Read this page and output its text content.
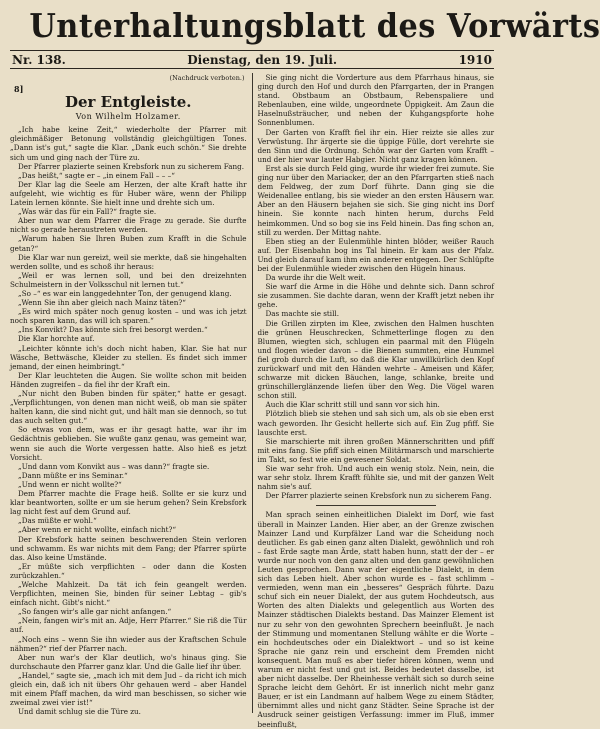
Unterhaltungsblatt des Vorwärts
Nr. 138.	Dienstag, den 19. Juli.	1910
(Nachdruck verboten.)
8]
Der Entgleiste.
Von Wilhelm Holzamer.

„Ich habe keine Zeit,“ wiederholte der Pfarrer mit gleichmäßiger Betonung vollständig gleichgültigen Tones. „Dann ist's gut,“ sagte die Klar. „Dank euch schön.“ Sie drehte sich um und ging nach der Türe zu.

Der Pfarrer plazierte seinen Krebsfork nun zu sicherem Fang.

„Das heißt,“ sagte er – „in einem Fall – – –“

Der Klar lag die Seele am Herzen, der alte Kraft hatte ihr aufgeleht, wie wichtig es für Huber wäre, wenn der Philipp Latein lernen könnte. Sie hielt inne und drehte sich um.

„Was wär das für ein Fall?“ fragte sie.

Aber nun war dem Pfarrer die Frage zu gerade. Sie durfte nicht so gerade heraustreten werden.

„Warum haben Sie Ihren Buben zum Krafft in die Schule getan?“

Die Klar war nun gereizt, weil sie merkte, daß sie hingehalten werden sollte, und es schoß ihr heraus:

„Weil er was lernen soll, und bei den dreizehnten Schulmeistern in der Volksschul nit lernen tut.“

„So –“ es war ein langgedehnter Ton, der genugend klang.

„Wenn Sie ihn aber gleich nach Mainz täten?“

„Es wird mich später noch genug kosten – und was ich jetzt noch sparen kann, das will ich sparen.“

„Ins Konvikt? Das könnte sich frei besorgt werden.“

Die Klar horchte auf.

„Leichter könnte ich's doch nicht haben, Klar. Sie hat nur Wäsche, Bettwäsche, Kleider zu stellen. Es findet sich immer jemand, der einen heimbringt.“

Der Klar leuchteten die Augen. Sie wollte schon mit beiden Händen zugreifen – da fiel ihr der Kraft ein.

„Nur nicht den Buben binden für später,“ hatte er gesagt. „Verpflichtungen, von denen man nicht weiß, ob man sie später halten kann, die sind nicht gut, und hält man sie dennoch, so tut das auch selten gut.“

So etwas von dem, was er ihr gesagt hatte, war ihr im Gedächtnis geblieben. Sie wußte ganz genau, was gemeint war, wenn sie auch die Worte vergessen hatte. Also hieß es jetzt Vorsicht.

„Und dann vom Konvikt aus – was dann?“ fragte sie.

„Dann müßte er ins Seminar.“

„Und wenn er nicht wollte?“

Dem Pfarrer machte die Frage heiß. Sollte er sie kurz und klar beantworten, sollte er um sie herum gehen? Sein Krebsfork lag nicht fest auf dem Grund auf.

„Das müßte er wohl.“

„Aber wenn er nicht wollte, einfach nicht?“

Der Krebsfork hatte seinen beschwerenden Stein verloren und schwamm. Es war nichts mit dem Fang; der Pfarrer spürte das. Also keine Umstände.

„Er müßte sich verpflichten – oder dann die Kosten zurückzahlen.“

„Welche Mahlzeit. Da tät ich fein geangelt werden. Verpflichten, meinen Sie, binden für seiner Lebtag – gib's einfach nicht. Gibt's nicht.“

„So fangen wir's alle gar nicht anfangen.“

„Nein, fangen wir's mit an. Adje, Herr Pfarrer.“ Sie riß die Tür auf.

„Noch eins – wenn Sie ihn wieder aus der Kraftschen Schule nähmen?“ rief der Pfarrer nach.

Aber nun war's der Klar deutlich, wo's hinaus ging. Sie durchschaute den Pfarrer ganz klar. Und die Galle lief ihr über.

„Handel,“ sagte sie, „mach ich mit dem Jud – da richt ich mich gleich ein, daß ich nit übers Ohr gehauen werd – aber Handel mit einem Pfaff machen, da wird man beschissen, so sicher wie zweimal zwei vier ist!“

Und damit schlug sie die Türe zu.

Sie ging nicht die Vorderture aus dem Pfarrhaus hinaus, sie ging durch den Hof und durch den Pfarrgarten, der in Prangen stand. Obstbaum an Obstbaum, Rebenspaliere und Rebenlauben, eine wilde, ungeordnete Üppigkeit. Am Zaun die Haselnußsträucher, und neben der Kuhgangspforte hohe Sonnenblumen.

Der Garten von Krafft fiel ihr ein. Hier reizte sie alles zur Verwüstung. Ihr ärgerte sie die üppige Fülle, dort verehrte sie den Sinn und die Ordnung. Schön war der Garten vom Krafft – und der hier war lauter Habgier. Nicht ganz kragen können.

Erst als sie durch Feld ging, wurde ihr wieder frei zumute. Sie ging nur über den Mariacker, der an den Pfarrgarten stieß nach dem Feldweg, der zum Dorf führte. Dann ging sie die Weidenallee entlang, bis sie wieder an den ersten Häusern war. Aber an den Häusern bejahen sie sich. Sie ging nicht ins Dorf hinein. Sie konnte nach hinten herum, durchs Feld heimkommen. Und so bog sie ins Feld hinein. Das fing schon an, still zu werden. Der Mittag nahte.

Eben stieg an der Eulenmühle hinten blöder, weißer Rauch auf. Der Eisenbahn bog ins Tal hinein. Er kam aus der Pfalz. Und gleich darauf kam ihm ein anderer entgegen. Der Schlüpfte bei der Eulenmühle wieder zwischen den Hügeln hinaus.

Da wurde ihr die Welt weit.

Sie warf die Arme in die Höhe und dehnte sich. Dann schrof sie zusammen. Sie dachte daran, wenn der Krafft jetzt neben ihr gehe.

Das machte sie still.

Die Grillen zirpten im Klee, zwischen den Halmen huschten die grünen Heuschrecken, Schmetterlinge flogen zu den Blumen, wiegten sich, schlugen ein paarmal mit den Flügeln und flogen wieder davon – die Bienen summten, eine Hummel fiel grob durch die Luft, so daß die Klar unwillkürlich den Kopf zurückwarf und mit den Händen wehrte – Ameisen und Käfer, schwarze mit dicken Bäuchen, lange, schlanke, breite und grünschillerglänzende liefen über den Weg. Die Vögel waren schon still.

Auch die Klar schritt still und sann vor sich hin.

Plötzlich blieb sie stehen und sah sich um, als ob sie eben erst wach geworden. Ihr Gesicht hellerte sich auf. Ein Zug pfiff. Sie lauschte erst.

Sie marschierte mit ihren großen Männerschritten und pfiff mit eins fang. Sie pfiff sich einen Militärmarsch und marschierte im Takt, so fest wie ein gewesener Soldat.

Sie war sehr froh. Und auch ein wenig stolz. Nein, nein, die war sehr stolz. Ihrem Krafft fühlte sie, und mit der ganzen Welt nahm sie's auf.

Der Pfarrer plazierte seinen Krebsfork nun zu sicherem Fang.

Man sprach seinen einheitlichen Dialekt im Dorf, wie fast überall in Mainzer Landen. Hier aber, an der Grenze zwischen Mainzer Land und Kurpfälzer Land war die Scheidung noch deutlicher. Es gab einen ganz alten Dialekt, gewöhnlich und roh – fast Erde sagte man Ärde, statt haben hunn, statt der der – er wurde nur noch von den ganz alten und den ganz gewöhnlichen Leuten gesprochen. Dann war der eigentliche Dialekt, in dem sich das Leben hielt. Aber schon wurde es – fast schlimm – vermieden, wenn man ein „besseres“ Gespräch führte. Dazu schuf sich ein neuer Dialekt, der aus gutem Hochdeutsch, aus Worten des alten Dialekts und gelegentlich aus Worten des Mainzer städtischen Dialekts bestand. Das Mainzer Element ist nur zu sehr von den gewohnten Sprechern beeinflußt. Je nach der Stimmung und momentanen Stellung wählte er die Worte – ein hochdeutsches oder ein Dialektwort – und so ist keine Sprache nie ganz rein und erscheint dem Fremden nicht konsequent. Man muß es aber tiefer hören können, wenn und warum er nicht fest und gut ist. Beides bedeutet dasselbe, ist aber nicht dasselbe. Der Rheinhesse verhält sich so durch seine Sprache leicht dem Gehört. Er ist innerlich nicht mehr ganz Bauer, er ist ein Landmann auf halbem Wege zu einem Städter, übernimmt alles und nicht ganz Städter. Seine Sprache ist der Ausdruck seiner geistigen Verfassung: immer im Fluß, immer beeinflußt,
